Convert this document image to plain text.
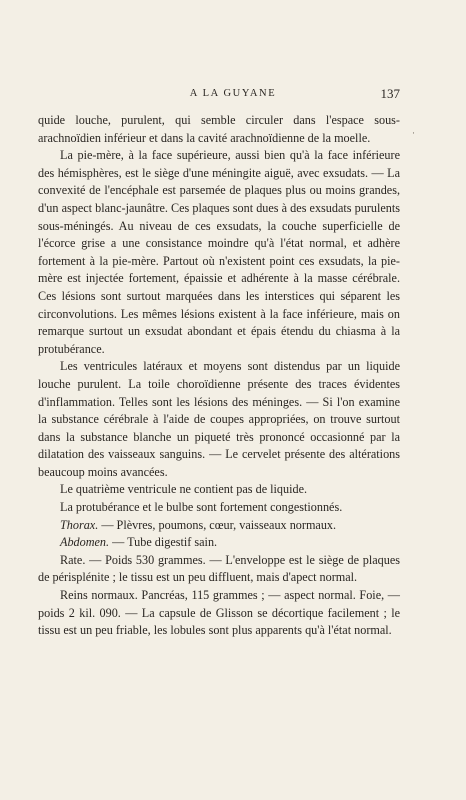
A LA GUYANE	137
·

quide louche, purulent, qui semble circuler dans l'espace sous-arachnoïdien inférieur et dans la cavité arachnoïdienne de la moelle.

La pie-mère, à la face supérieure, aussi bien qu'à la face inférieure des hémisphères, est le siège d'une méningite aiguë, avec exsudats. — La convexité de l'encéphale est parsemée de plaques plus ou moins grandes, d'un aspect blanc-jaunâtre. Ces plaques sont dues à des exsudats purulents sous-méningés. Au niveau de ces exsudats, la couche superficielle de l'écorce grise a une consistance moindre qu'à l'état normal, et adhère fortement à la pie-mère. Partout où n'existent point ces exsudats, la pie-mère est injectée fortement, épaissie et adhérente à la masse cérébrale. Ces lésions sont surtout marquées dans les interstices qui séparent les circonvolutions. Les mêmes lésions existent à la face inférieure, mais on remarque surtout un exsudat abondant et épais étendu du chiasma à la protubérance.

Les ventricules latéraux et moyens sont distendus par un liquide louche purulent. La toile choroïdienne présente des traces évidentes d'inflammation. Telles sont les lésions des méninges. — Si l'on examine la substance cérébrale à l'aide de coupes appropriées, on trouve surtout dans la substance blanche un piqueté très prononcé occasionné par la dilatation des vaisseaux sanguins. — Le cervelet présente des altérations beaucoup moins avancées.

Le quatrième ventricule ne contient pas de liquide.

La protubérance et le bulbe sont fortement congestionnés.

Thorax. — Plèvres, poumons, cœur, vaisseaux normaux.

Abdomen. — Tube digestif sain.

Rate. — Poids 530 grammes. — L'enveloppe est le siège de plaques de périsplénite ; le tissu est un peu diffluent, mais d'apect normal.

Reins normaux. Pancréas, 115 grammes ; — aspect normal. Foie, — poids 2 kil. 090. — La capsule de Glisson se décortique facilement ; le tissu est un peu friable, les lobules sont plus apparents qu'à l'état normal.
